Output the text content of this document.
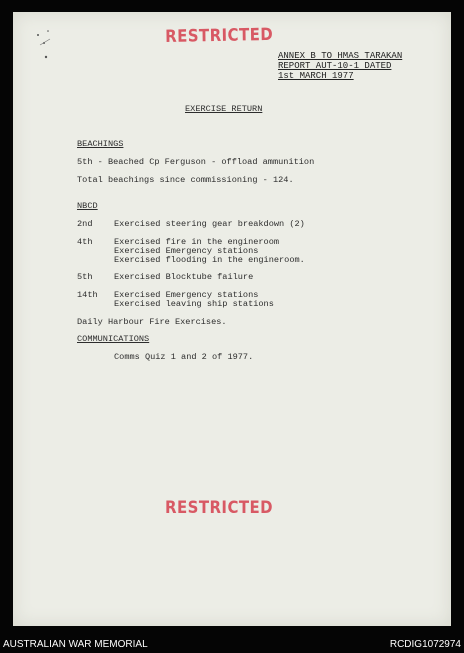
RESTRICTED
ANNEX B TO HMAS TARAKAN
REPORT AUT-10-1 DATED
1st MARCH 1977
EXERCISE RETURN
BEACHINGS
5th - Beached Cp Ferguson - offload ammunition
Total beachings since commissioning - 124.
NBCD
2nd	Exercised steering gear breakdown (2)
4th	Exercised fire in the engineroom
Exercised Emergency stations
Exercised flooding in the engineroom.
5th	Exercised Blocktube failure
14th Exercised Emergency stations
Exercised leaving ship stations
Daily Harbour Fire Exercises.
COMMUNICATIONS
Comms Quiz 1 and 2 of 1977.
RESTRICTED
AUSTRALIAN WAR MEMORIAL	RCDIG1072974
